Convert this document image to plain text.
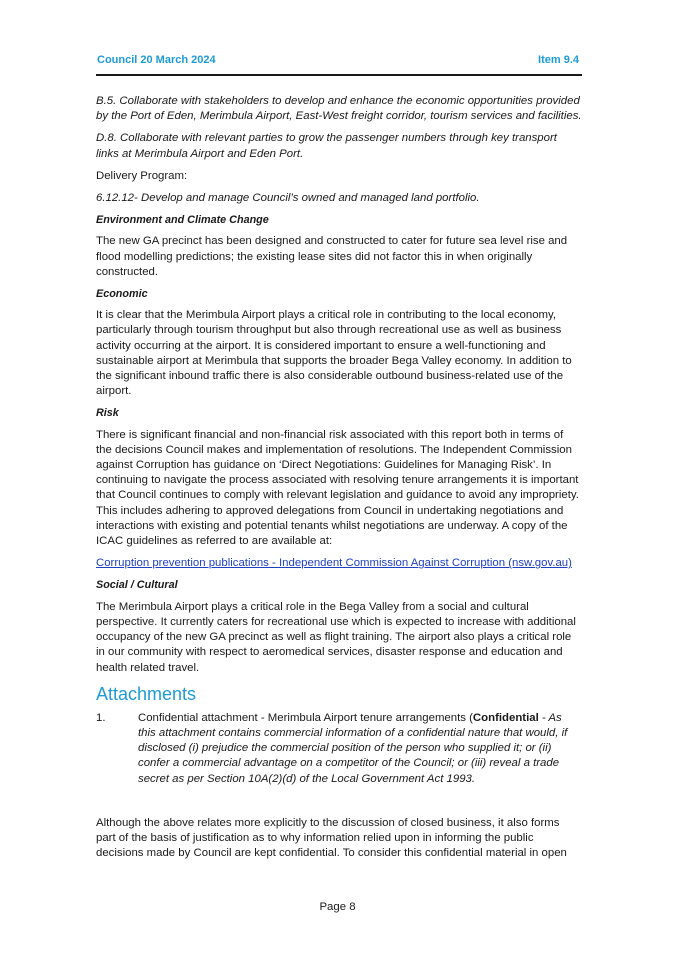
Council 20 March 2024	Item 9.4

B.5. Collaborate with stakeholders to develop and enhance the economic opportunities provided by the Port of Eden, Merimbula Airport, East-West freight corridor, tourism services and facilities.

D.8. Collaborate with relevant parties to grow the passenger numbers through key transport links at Merimbula Airport and Eden Port.

Delivery Program:

6.12.12- Develop and manage Council’s owned and managed land portfolio.

Environment and Climate Change

The new GA precinct has been designed and constructed to cater for future sea level rise and flood modelling predictions; the existing lease sites did not factor this in when originally constructed.

Economic

It is clear that the Merimbula Airport plays a critical role in contributing to the local economy, particularly through tourism throughput but also through recreational use as well as business activity occurring at the airport. It is considered important to ensure a well-functioning and sustainable airport at Merimbula that supports the broader Bega Valley economy. In addition to the significant inbound traffic there is also considerable outbound business-related use of the airport.

Risk

There is significant financial and non-financial risk associated with this report both in terms of the decisions Council makes and implementation of resolutions. The Independent Commission against Corruption has guidance on ‘Direct Negotiations: Guidelines for Managing Risk’. In continuing to navigate the process associated with resolving tenure arrangements it is important that Council continues to comply with relevant legislation and guidance to avoid any impropriety. This includes adhering to approved delegations from Council in undertaking negotiations and interactions with existing and potential tenants whilst negotiations are underway. A copy of the ICAC guidelines as referred to are available at:

Corruption prevention publications - Independent Commission Against Corruption (nsw.gov.au)

Social / Cultural

The Merimbula Airport plays a critical role in the Bega Valley from a social and cultural perspective. It currently caters for recreational use which is expected to increase with additional occupancy of the new GA precinct as well as flight training. The airport also plays a critical role in our community with respect to aeromedical services, disaster response and education and health related travel.

Attachments

1.	Confidential attachment - Merimbula Airport tenure arrangements (Confidential - As this attachment contains commercial information of a confidential nature that would, if disclosed (i) prejudice the commercial position of the person who supplied it; or (ii) confer a commercial advantage on a competitor of the Council; or (iii) reveal a trade secret as per Section 10A(2)(d) of the Local Government Act 1993.

Although the above relates more explicitly to the discussion of closed business, it also forms part of the basis of justification as to why information relied upon in informing the public decisions made by Council are kept confidential. To consider this confidential material in open

Page 8
